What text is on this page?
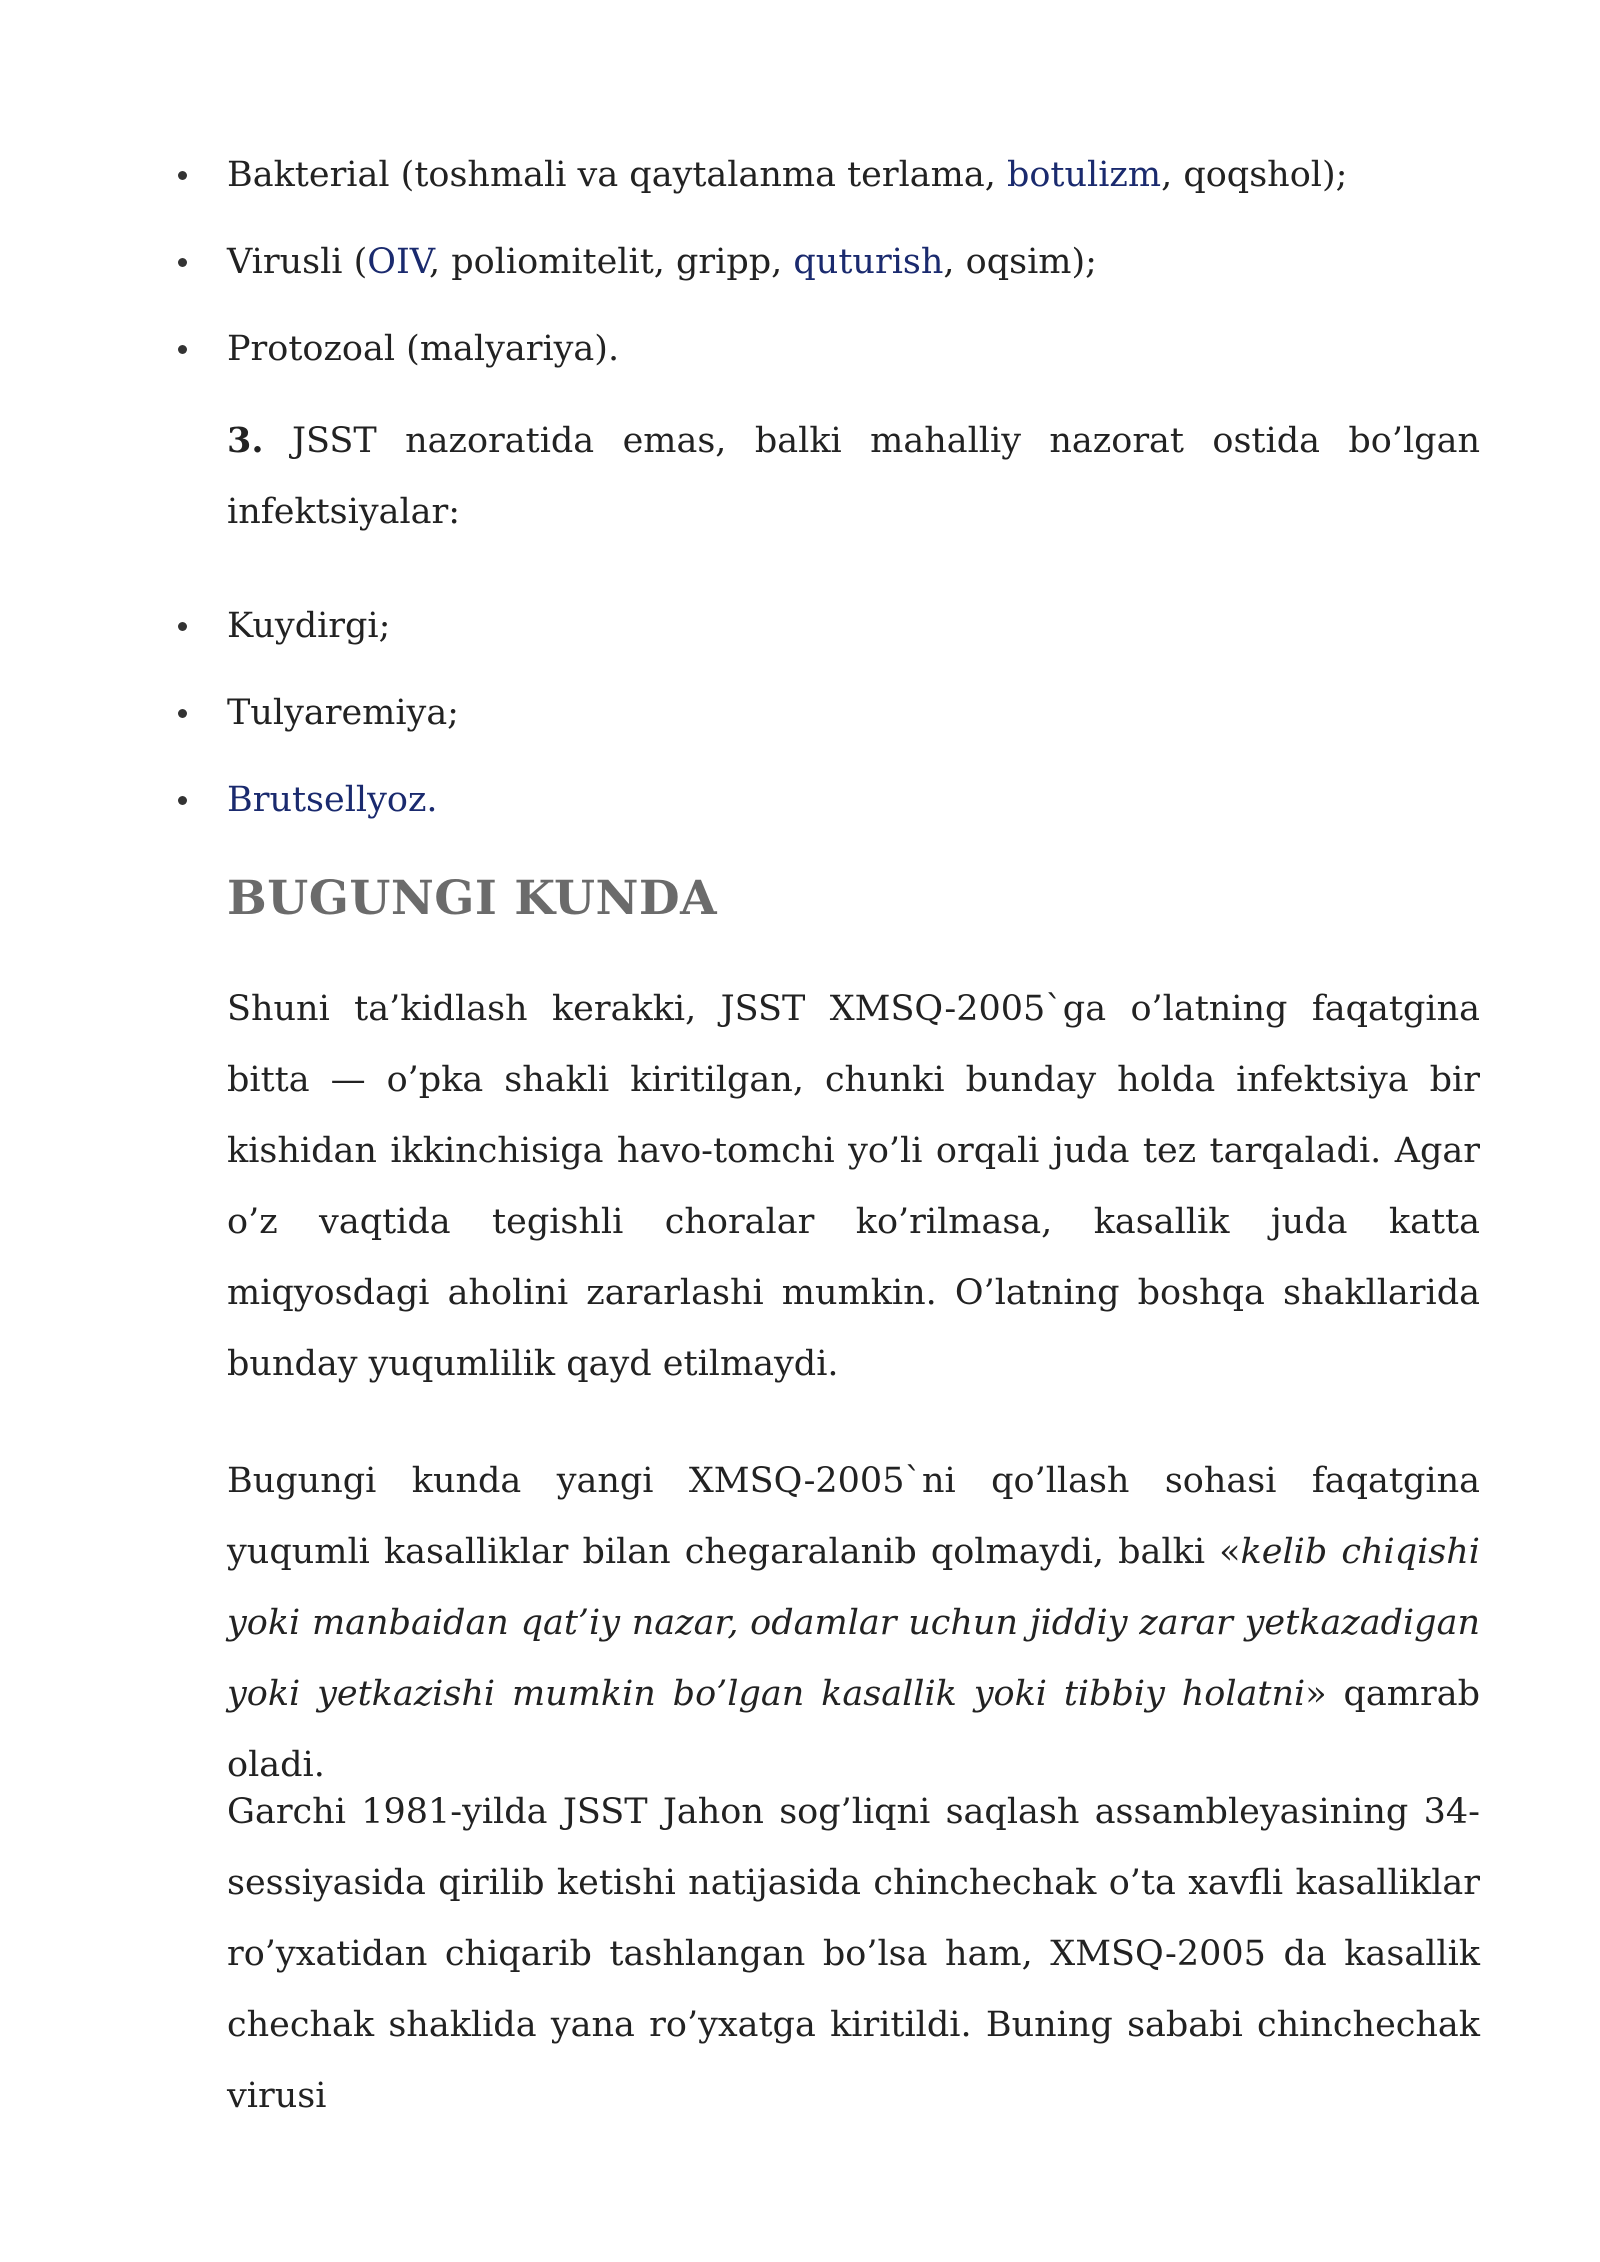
Bakterial (toshmali va qaytalanma terlama, botulizm, qoqshol);
Virusli (OIV, poliomitelit, gripp, quturish, oqsim);
Protozoal (malyariya).

3. JSST nazoratida emas, balki mahalliy nazorat ostida bo’lgan infektsiyalar:

Kuydirgi;
Tulyaremiya;
Brutsellyoz.
BUGUNGI KUNDA

Shuni ta’kidlash kerakki, JSST XMSQ-2005`ga o’latning faqatgina bitta — o’pka shakli kiritilgan, chunki bunday holda infektsiya bir kishidan ikkinchisiga havo-tomchi yo’li orqali juda tez tarqaladi. Agar o’z vaqtida tegishli choralar ko’rilmasa, kasallik juda katta miqyosdagi aholini zararlashi mumkin. O’latning boshqa shakllarida bunday yuqumlilik qayd etilmaydi.

Bugungi kunda yangi XMSQ-2005`ni qo’llash sohasi faqatgina yuqumli kasalliklar bilan chegaralanib qolmaydi, balki «kelib chiqishi yoki manbaidan qat’iy nazar, odamlar uchun jiddiy zarar yetkazadigan yoki yetkazishi mumkin bo’lgan kasallik yoki tibbiy holatni» qamrab oladi.

Garchi 1981-yilda JSST Jahon sog’liqni saqlash assambleyasining 34-sessiyasida qirilib ketishi natijasida chinchechak o’ta xavfli kasalliklar ro’yxatidan chiqarib tashlangan bo’lsa ham, XMSQ-2005 da kasallik chechak shaklida yana ro’yxatga kiritildi. Buning sababi chinchechak virusi
